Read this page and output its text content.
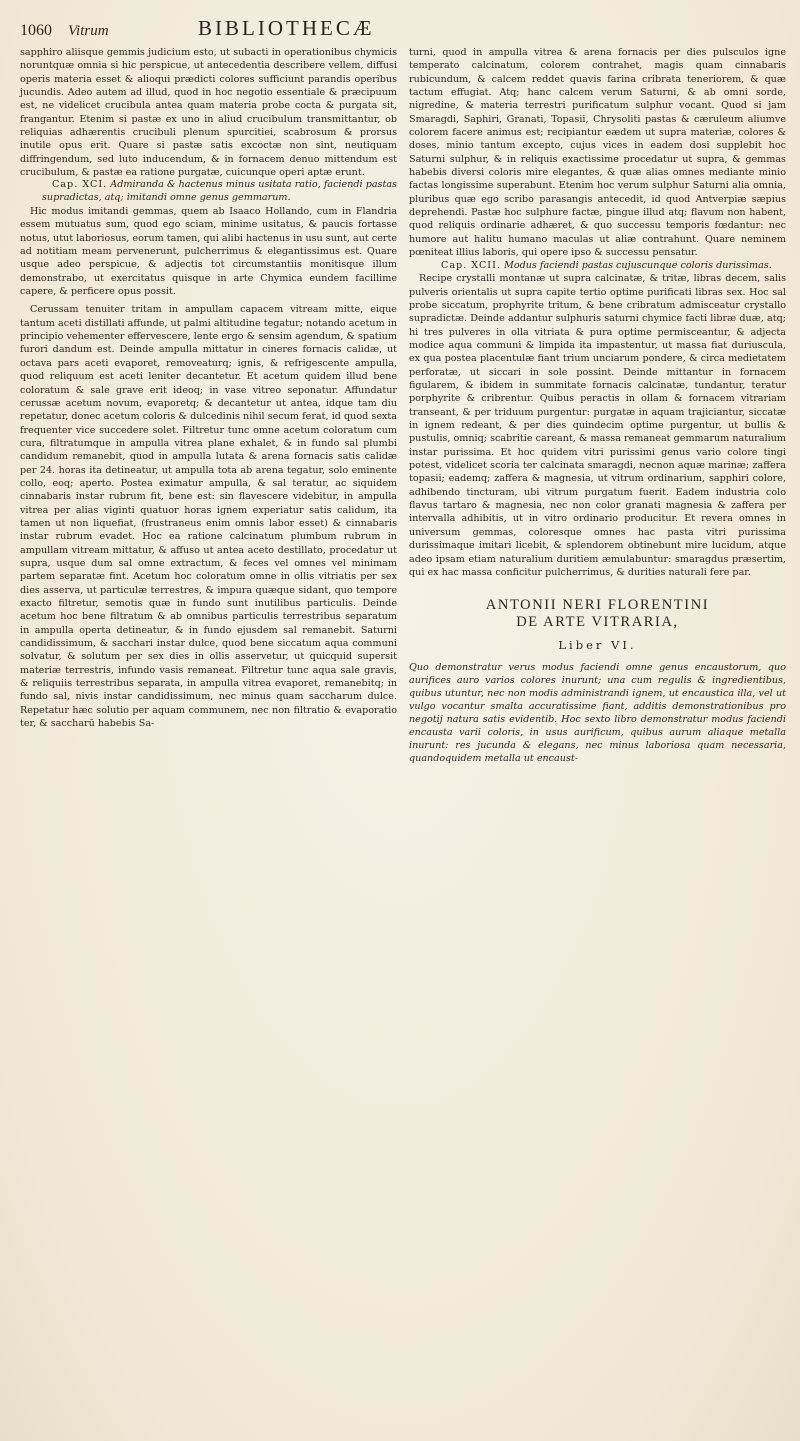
1060	Vitrum	BIBLIOTHECÆ

sapphiro aliisque gemmis judicium esto, ut subacti in operationibus chymicis noruntquæ omnia si hic perspicue, ut antecedentia describere vellem, diffusi operis materia esset & alioqui prædicti colores sufficiunt parandis operibus jucundis. Adeo autem ad illud, quod in hoc negotio essentiale & præcipuum est, ne videlicet crucibula antea quam materia probe cocta & purgata sit, frangantur. Etenim si pastæ ex uno in aliud crucibulum transmittantur, ob reliquias adhærentis crucibuli plenum spurcitiei, scabrosum & prorsus inutile opus erit. Quare si pastæ satis excoctæ non sint, neutiquam diffringendum, sed luto inducendum, & in fornacem denuo mittendum est crucibulum, & pastæ ea ratione purgatæ, cuicunque operi aptæ erunt.

Cap. XCI. Admiranda & hactenus minus usitata ratio, faciendi pastas supradictas, atq; imitandi omne genus gemmarum.

Hic modus imitandi gemmas, quem ab Isaaco Hollando, cum in Flandria essem mutuatus sum, quod ego sciam, minime usitatus, & paucis fortasse notus, utut laboriosus, eorum tamen, qui alibi hactenus in usu sunt, aut certe ad notitiam meam pervenerunt, pulcherrimus & elegantissimus est. Quare usque adeo perspicue, & adjectis tot circumstantiis monitisque illum demonstrabo, ut exercitatus quisque in arte Chymica eundem facillime capere, & perficere opus possit.

Cerussam tenuiter tritam in ampullam capacem vitream mitte, eique tantum aceti distillati affunde, ut palmi altitudine tegatur; notando acetum in principio vehementer effervescere, lente ergo & sensim agendum, & spatium furori dandum est. Deinde ampulla mittatur in cineres fornacis calidæ, ut octava pars aceti evaporet, removeaturq; ignis, & refrigescente ampulla, quod reliquum est aceti leniter decantetur. Et acetum quidem illud bene coloratum & sale grave erit ideoq; in vase vitreo seponatur. Affundatur cerussæ acetum novum, evaporetq; & decantetur ut antea, idque tam diu repetatur, donec acetum coloris & dulcedinis nihil secum ferat, id quod sexta frequenter vice succedere solet. Filtretur tunc omne acetum coloratum cum cura, filtratumque in ampulla vitrea plane exhalet, & in fundo sal plumbi candidum remanebit, quod in ampulla lutata & arena fornacis satis calidæ per 24. horas ita detineatur, ut ampulla tota ab arena tegatur, solo eminente collo, eoq; aperto. Postea eximatur ampulla, & sal teratur, ac siquidem cinnabaris instar rubrum fit, bene est: sin flavescere videbitur, in ampulla vitrea per alias viginti quatuor horas ignem experiatur satis calidum, ita tamen ut non liquefiat, (frustraneus enim omnis labor esset) & cinnabaris instar rubrum evadet. Hoc ea ratione calcinatum plumbum rubrum in ampullam vitream mittatur, & affuso ut antea aceto destillato, procedatur ut supra, usque dum sal omne extractum, & feces vel omnes vel minimam partem separatæ fint. Acetum hoc coloratum omne in ollis vitriatis per sex dies asserva, ut particulæ terrestres, & impura quæque sidant, quo tempore exacto filtretur, semotis quæ in fundo sunt inutilibus particulis. Deinde acetum hoc bene filtratum & ab omnibus particulis terrestribus separatum in ampulla operta detineatur, & in fundo ejusdem sal remanebit. Saturni candidissimum, & sacchari instar dulce, quod bene siccatum aqua communi solvatur, & solutum per sex dies in ollis asservetur, ut quicquid supersit materiæ terrestris, infundo vasis remaneat. Filtretur tunc aqua sale gravis, & reliquiis terrestribus separata, in ampulla vitrea evaporet, remanebitq; in fundo sal, nivis instar candidissimum, nec minus quam saccharum dulce. Repetatur hæc solutio per aquam communem, nec non filtratio & evaporatio ter, & saccharū habebis Sa-

turni, quod in ampulla vitrea & arena fornacis per dies pulsculos igne temperato calcinatum, colorem contrahet, magis quam cinnabaris rubicundum, & calcem reddet quavis farina cribrata teneriorem, & quæ tactum effugiat. Atq; hanc calcem verum Saturni, & ab omni sorde, nigredine, & materia terrestri purificatum sulphur vocant. Quod si jam Smaragdi, Saphiri, Granati, Topasii, Chrysoliti pastas & cæruleum aliumve colorem facere animus est; recipiantur eædem ut supra materiæ, colores & doses, minio tantum excepto, cujus vices in eadem dosi supplebit hoc Saturni sulphur, & in reliquis exactissime procedatur ut supra, & gemmas habebis diversi coloris mire elegantes, & quæ alias omnes mediante minio factas longissime superabunt. Etenim hoc verum sulphur Saturni alia omnia, pluribus quæ ego scribo parasangis antecedit, id quod Antverpiæ sæpius deprehendi. Pastæ hoc sulphure factæ, pingue illud atq; flavum non habent, quod reliquis ordinarie adhæret, & quo successu temporis fœdantur: nec humore aut halitu humano maculas ut aliæ contrahunt. Quare neminem pœniteat illius laboris, qui opere ipso & successu pensatur.

Cap. XCII. Modus faciendi pastas cujuscunque coloris durissimas.

Recipe crystalli montanæ ut supra calcinatæ, & tritæ, libras decem, salis pulveris orientalis ut supra capite tertio optime purificati libras sex. Hoc sal probe siccatum, prophyrite tritum, & bene cribratum admisceatur crystallo supradictæ. Deinde addantur sulphuris saturni chymice facti libræ duæ, atq; hi tres pulveres in olla vitriata & pura optime permisceantur, & adjecta modice aqua communi & limpida ita impastentur, ut massa fiat duriuscula, ex qua postea placentulæ fiant trium unciarum pondere, & circa medietatem perforatæ, ut siccari in sole possint. Deinde mittantur in fornacem figularem, & ibidem in summitate fornacis calcinatæ, tundantur, teratur porphyrite & cribrentur. Quibus peractis in ollam & fornacem vitrariam transeant, & per triduum purgentur: purgatæ in aquam trajiciantur, siccatæ in ignem redeant, & per dies quindecim optime purgentur, ut bullis & pustulis, omniq; scabritie careant, & massa remaneat gemmarum naturalium instar purissima. Et hoc quidem vitri purissimi genus vario colore tingi potest, videlicet scoria ter calcinata smaragdi, necnon aquæ marinæ; zaffera topasii; eademq; zaffera & magnesia, ut vitrum ordinarium, sapphiri colore, adhibendo tincturam, ubi vitrum purgatum fuerit. Eadem industria colo flavus tartaro & magnesia, nec non color granati magnesia & zaffera per intervalla adhibitis, ut in vitro ordinario producitur. Et revera omnes in universum gemmas, coloresque omnes hac pasta vitri purissima durissimaque imitari licebit, & splendorem obtinebunt mire lucidum, atque adeo ipsam etiam naturalium duritiem æmulabuntur: smaragdus præsertim, qui ex hac massa conficitur pulcherrimus, & durities naturali fere par.

ANTONII NERI FLORENTINI
DE ARTE VITRARIA,
Liber VI.

Quo demonstratur verus modus faciendi omne genus encaustorum, quo aurifices auro varios colores inurunt; una cum regulis & ingredientibus, quibus utuntur, nec non modis administrandi ignem, ut encaustica illa, vel ut vulgo vocantur smalta accuratissime fiant, additis demonstrationibus pro negotij natura satis evidentib. Hoc sexto libro demonstratur modus faciendi encausta varii coloris, in usus aurificum, quibus aurum aliaque metalla inurunt: res jucunda & elegans, nec minus laboriosa quam necessaria, quandoquidem metalla ut encaust-
